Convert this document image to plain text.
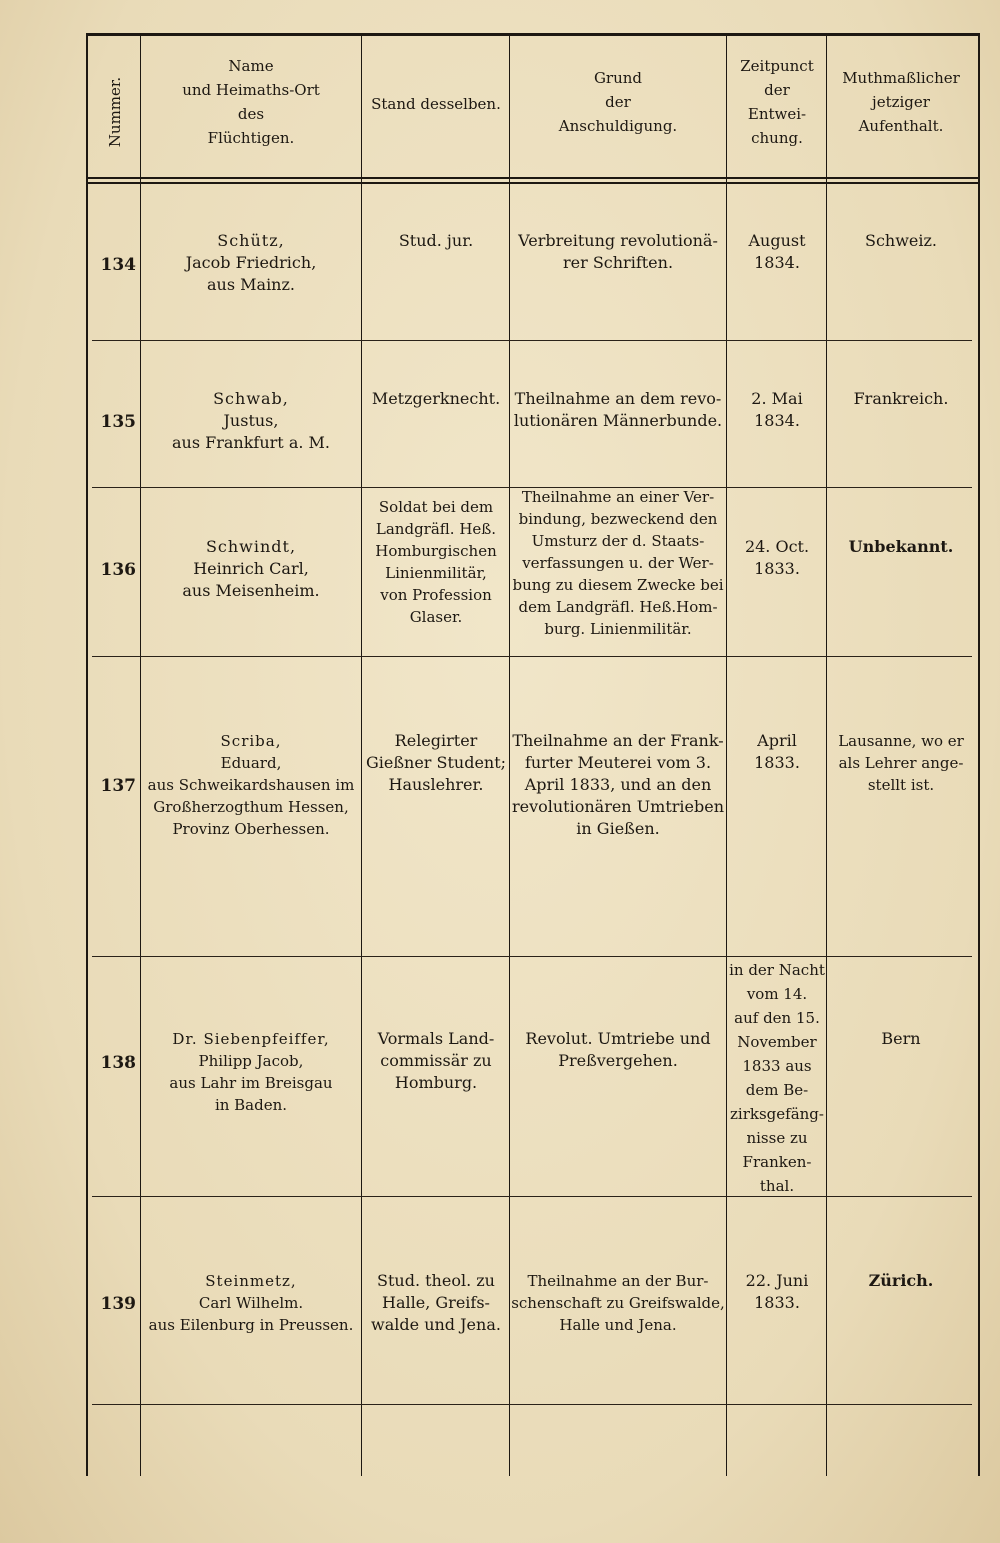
Nummer.
Name
und Heimaths-Ort
des
Flüchtigen.
Stand desselben.
Grund
der
Anschuldigung.
Zeitpunct
der
Entwei-
chung.
Muthmaßlicher
jetziger
Aufenthalt.
134
Schütz,
Jacob Friedrich,
aus Mainz.
Stud. jur.	Verbreitung revolutionä-
rer Schriften.
August
1834.
Schweiz.
135
Schwab,
Justus,
aus Frankfurt a. M.
Metzgerknecht. Theilnahme an dem revo-
lutionären Männerbunde.
2. Mai
1834.
Frankreich.
136
Schwindt,
Heinrich Carl,
aus Meisenheim.
Soldat bei dem
Landgräfl. Heß.
Homburgischen
Linienmilitär,
von Profession
Glaser.
Theilnahme an einer Ver-
bindung, bezweckend den
Umsturz der d. Staats-
verfassungen u. der Wer-
bung zu diesem Zwecke bei
dem Landgräfl. Heß.Hom-
burg. Linienmilitär.
24. Oct.
1833.
Unbekannt.
137
Scriba,
Eduard,
aus Schweikardshausen im
Großherzogthum Hessen,
Provinz Oberhessen.
Relegirter
Gießner Student;
Hauslehrer.
Theilnahme an der Frank-
furter Meuterei vom 3.
April 1833, und an den
revolutionären Umtrieben
in Gießen.
April
1833.
Lausanne, wo er
als Lehrer ange-
stellt ist.
138
Dr. Siebenpfeiffer,
Philipp Jacob,
aus Lahr im Breisgau
in Baden.
Vormals Land-
commissär zu
Homburg.
Revolut. Umtriebe und
Preßvergehen.
in der Nacht
vom 14.
auf den 15.
November
1833 aus
dem Be-
zirksgefäng-
nisse zu
Franken-
thal.
Bern
139
Steinmetz,
Carl Wilhelm.
aus Eilenburg in Preussen.
Stud. theol. zu
Halle, Greifs-
walde und Jena.
Theilnahme an der Bur-
schenschaft zu Greifswalde,
Halle und Jena.
22. Juni
1833.
Zürich.
